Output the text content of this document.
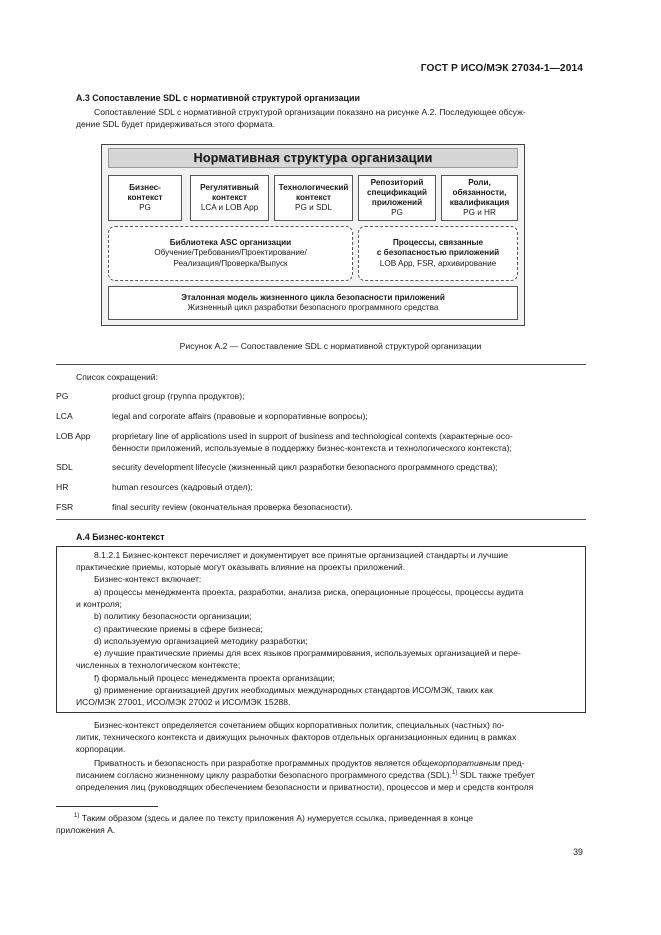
ГОСТ Р ИСО/МЭК 27034-1—2014
А.3 Сопоставление SDL с нормативной структурой организации
Сопоставление SDL с нормативной структурой организации показано на рисунке А.2. Последующее обсуж-
дение SDL будет придерживаться этого формата.
Нормативная структура организации
Бизнес-
контекст
PG
Регулятивный
контекст
LCA и LOB App
Технологический
контекст
PG и SDL
Репозиторий
спецификаций
приложений
PG
Роли,
обязанности,
квалификация
PG и HR
Библиотека ASC организации
Обучение/Требования/Проектирование/
Реализация/Проверка/Выпуск
Процессы, связанные
с безопасностью приложений
LOB App, FSR, архивирование
Эталонная модель жизненного цикла безопасности приложений
Жизненный цикл разработки безопасного программного средства
Рисунок А.2 — Сопоставление SDL с нормативной структурой организации
Список сокращений:
PG	product group (группа продуктов);
LCA	legal and corporate affairs (правовые и корпоративные вопросы);
LOB App	proprietary line of applications used in support of business and technological contexts (характерные осо-
бенности приложений, используемые в поддержку бизнес-контекста и технологического контекста);
SDL	security development lifecycle (жизненный цикл разработки безопасного программного средства);
HR	human resources (кадровый отдел);
FSR	final security review (окончательная проверка безопасности).
А.4 Бизнес-контекст
8.1.2.1 Бизнес-контекст перечисляет и документирует все принятые организацией стандарты и лучшие
практические приемы, которые могут оказывать влияние на проекты приложений.
Бизнес-контекст включает:
a) процессы менеджмента проекта, разработки, анализа риска, операционные процессы, процессы аудита
и контроля;
b) политику безопасности организации;
c) практические приемы в сфере бизнеса;
d) используемую организацией методику разработки;
e) лучшие практические приемы для всех языков программирования, используемых организацией и пере-
численных в технологическом контексте;
f) формальный процесс менеджмента проекта организации;
g) применение организацией других необходимых международных стандартов ИСО/МЭК, таких как
ИСО/МЭК 27001, ИСО/МЭК 27002 и ИСО/МЭК 15288.
Бизнес-контекст определяется сочетанием общих корпоративных политик, специальных (частных) по-
литик, технического контекста и движущих рыночных факторов отдельных организационных единиц в рамках
корпорации.
Приватность и безопасность при разработке программных продуктов является общекорпоративным пред-
писанием согласно жизненному циклу разработки безопасного программного средства (SDL).$^{1)}$ SDL также требует
определения лиц (руководящих обеспечением безопасности и приватности), процессов и мер и средств контроля
$^{1)}$ Таким образом (здесь и далее по тексту приложения А) нумеруется ссылка, приведенная в конце
приложения А.
39
